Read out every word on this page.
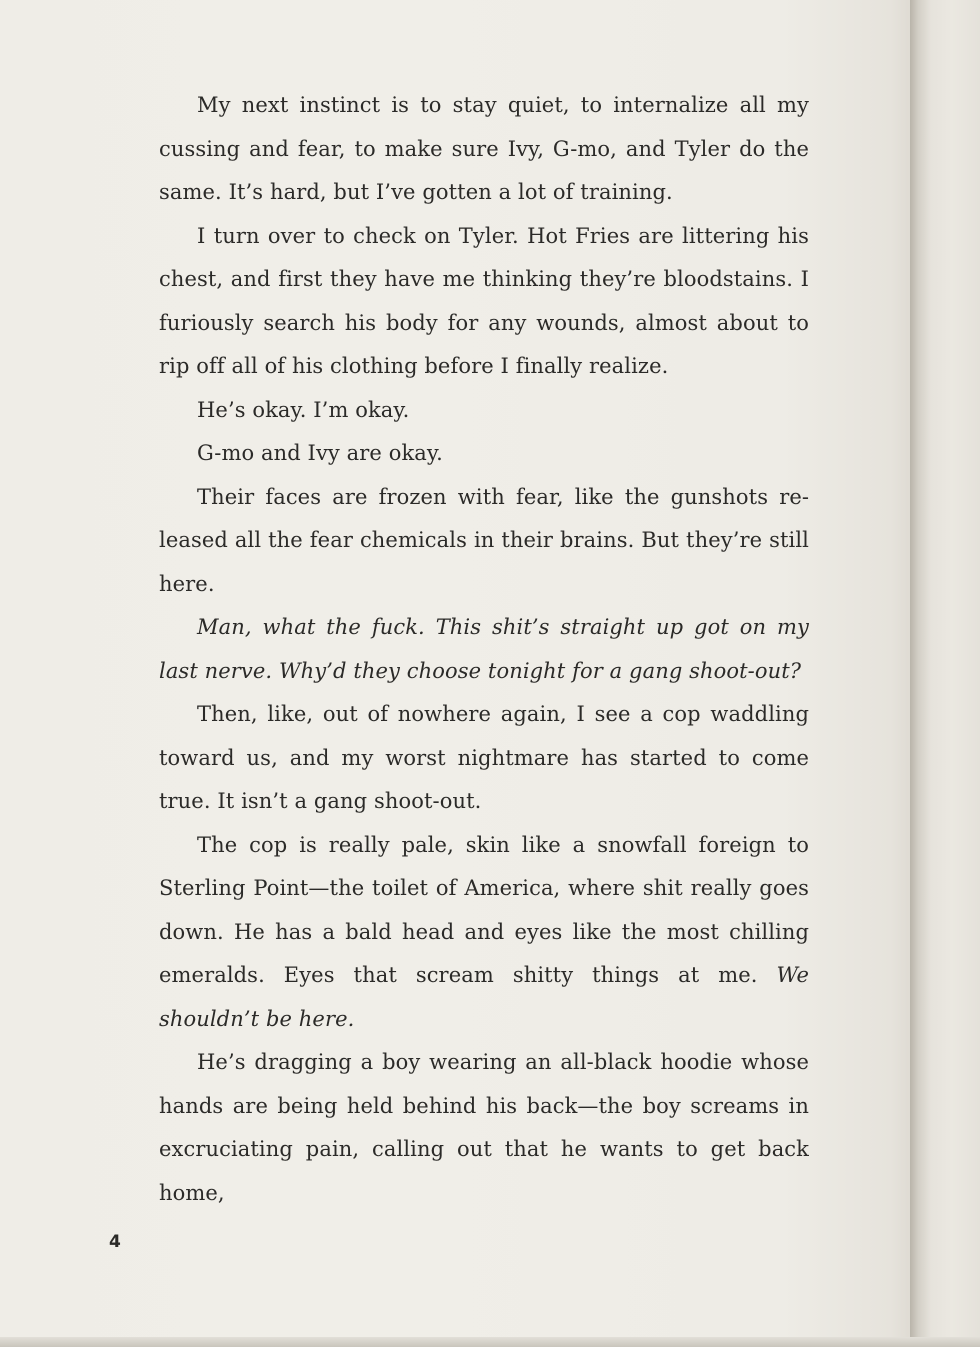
My next instinct is to stay quiet, to internalize all my cussing and fear, to make sure Ivy, G-mo, and Tyler do the same. It’s hard, but I’ve gotten a lot of training.

I turn over to check on Tyler. Hot Fries are littering his chest, and first they have me thinking they’re bloodstains. I furiously search his body for any wounds, almost about to rip off all of his clothing before I finally realize.

He’s okay. I’m okay.

G-mo and Ivy are okay.

Their faces are frozen with fear, like the gunshots released all the fear chemicals in their brains. But they’re still here.

Man, what the fuck. This shit’s straight up got on my last nerve. Why’d they choose tonight for a gang shoot-out?

Then, like, out of nowhere again, I see a cop waddling toward us, and my worst nightmare has started to come true. It isn’t a gang shoot-out.

The cop is really pale, skin like a snowfall foreign to Sterling Point—the toilet of America, where shit really goes down. He has a bald head and eyes like the most chilling emeralds. Eyes that scream shitty things at me. We shouldn’t be here.

He’s dragging a boy wearing an all-black hoodie whose hands are being held behind his back—the boy screams in excruciating pain, calling out that he wants to get back home,

4
